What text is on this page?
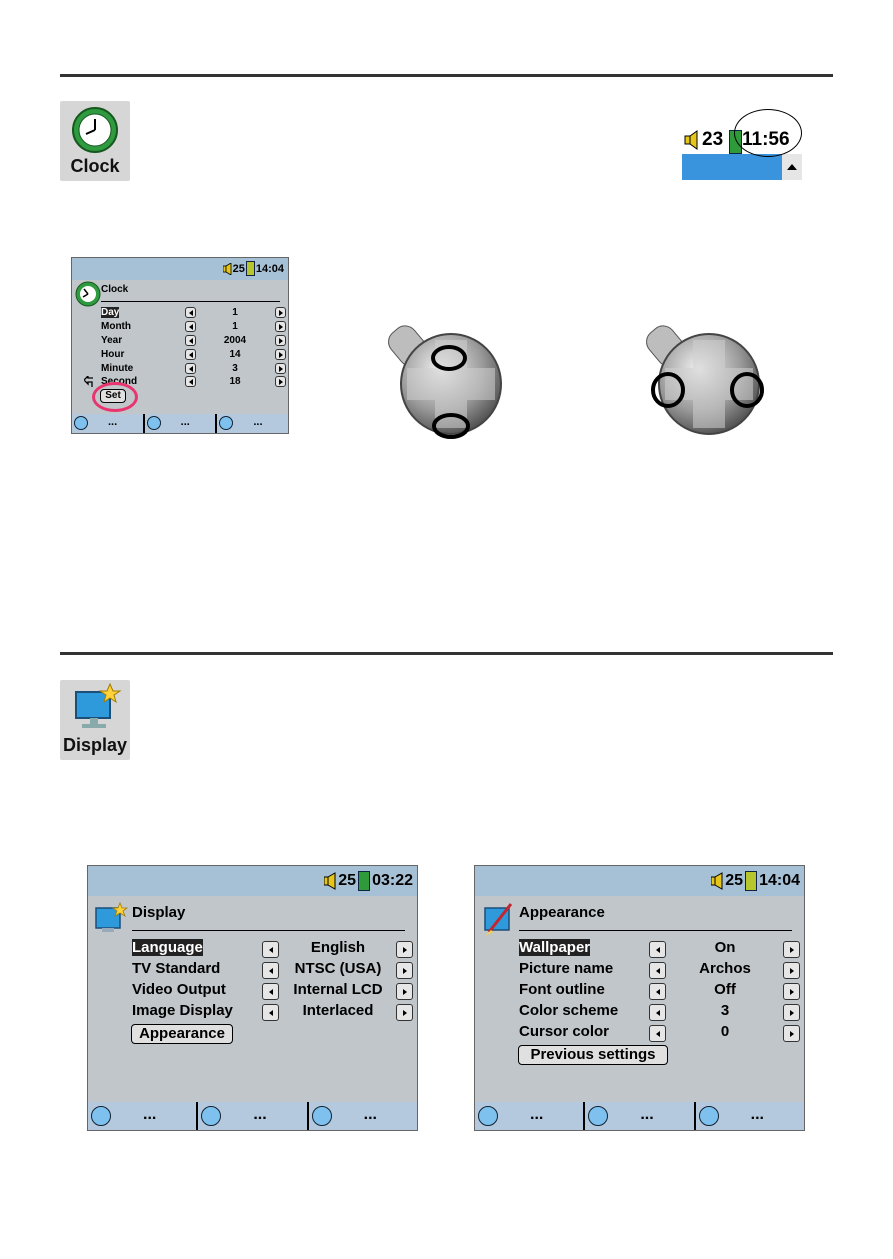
Clock
23 11:56
25 14:04
Clock
Day	1
Month	1
Year	2004
Hour	14
Minute	3
Second	18
Set
...	...	...
Display
25 03:22
Display
Language	English
TV Standard	NTSC (USA)
Video Output	Internal LCD
Image Display	Interlaced
Appearance
...	...	...
25 14:04
Appearance
Wallpaper	On
Picture name	Archos
Font outline	Off
Color scheme	3
Cursor color	0
Previous settings
...	...	...
